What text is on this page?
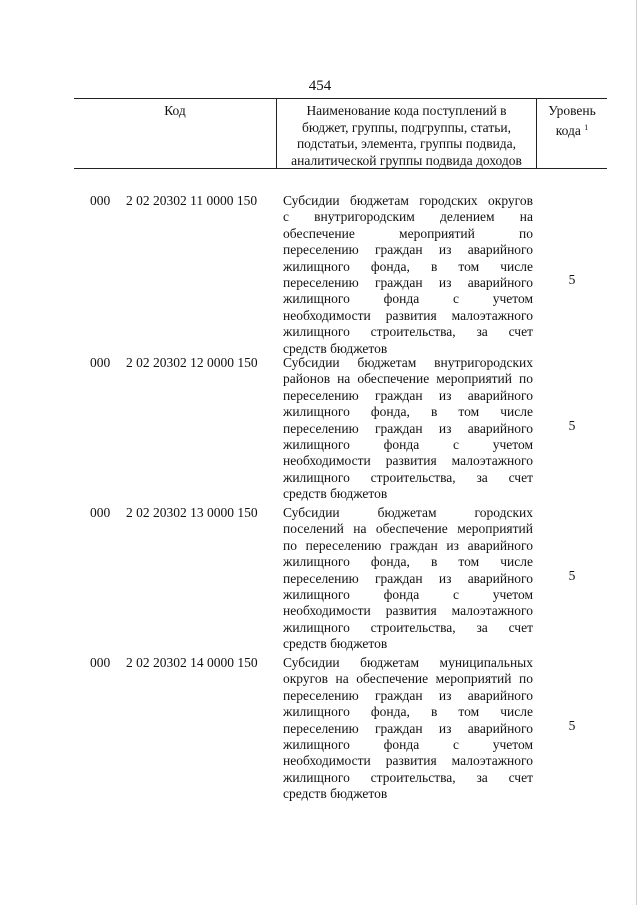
454
Код	Наименование кода поступлений в
бюджет, группы, подгруппы, статьи,
подстатьи, элемента, группы подвида,
аналитической группы подвида доходов
Уровень
кода $^1$
000 2 02 20302 11 0000 150 Субсидии бюджетам городских округов
с внутригородским делением на
обеспечение мероприятий по
переселению граждан из аварийного
жилищного фонда, в том числе
переселению граждан из аварийного
жилищного фонда с учетом
необходимости развития малоэтажного
жилищного строительства, за счет
средств бюджетов
5
000 2 02 20302 12 0000 150 Субсидии бюджетам внутригородских
районов на обеспечение мероприятий по
переселению граждан из аварийного
жилищного фонда, в том числе
переселению граждан из аварийного
жилищного фонда с учетом
необходимости развития малоэтажного
жилищного строительства, за счет
средств бюджетов
5
000 2 02 20302 13 0000 150 Субсидии бюджетам городских
поселений на обеспечение мероприятий
по переселению граждан из аварийного
жилищного фонда, в том числе
переселению граждан из аварийного
жилищного фонда с учетом
необходимости развития малоэтажного
жилищного строительства, за счет
средств бюджетов
5
000 2 02 20302 14 0000 150 Субсидии бюджетам муниципальных
округов на обеспечение мероприятий по
переселению граждан из аварийного
жилищного фонда, в том числе
переселению граждан из аварийного
жилищного фонда с учетом
необходимости развития малоэтажного
жилищного строительства, за счет
средств бюджетов
5
